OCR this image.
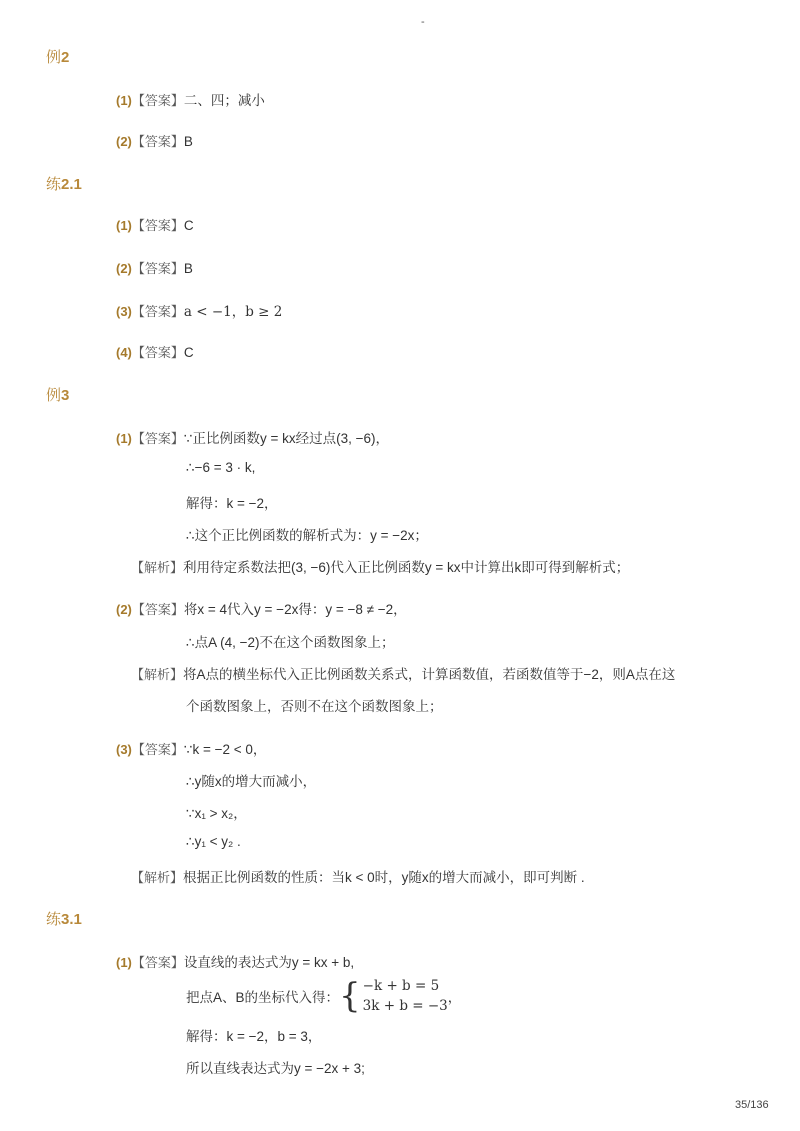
-
例2
(1)【答案】二、四；减小
(2)【答案】B
练2.1
(1)【答案】C
(2)【答案】B
(3)【答案】a < −1，b ≥ 2
(4)【答案】C
例3
(1)【答案】∵正比例函数y = kx经过点(3, −6)，
∴−6 = 3 · k,
解得：k = −2，
∴这个正比例函数的解析式为：y = −2x；
【解析】利用待定系数法把(3, −6)代入正比例函数y = kx中计算出k即可得到解析式；
(2)【答案】将x = 4代入y = −2x得：y = −8 ≠ −2，
∴点A (4, −2)不在这个函数图象上；
【解析】将A点的横坐标代入正比例函数关系式，计算函数值，若函数值等于−2，则A点在这
个函数图象上，否则不在这个函数图象上；
(3)【答案】∵k = −2 < 0，
∴y随x的增大而减小，
∵x₁ > x₂，
∴y₁ < y₂ .
【解析】根据正比例函数的性质：当k < 0时，y随x的增大而减小，即可判断 .
练3.1
(1)【答案】设直线的表达式为y = kx + b,
把点A、B的坐标代入得：{ −k + b = 5
3k + b = −3
，
解得：k = −2，b = 3，
所以直线表达式为y = −2x + 3;
35/136
